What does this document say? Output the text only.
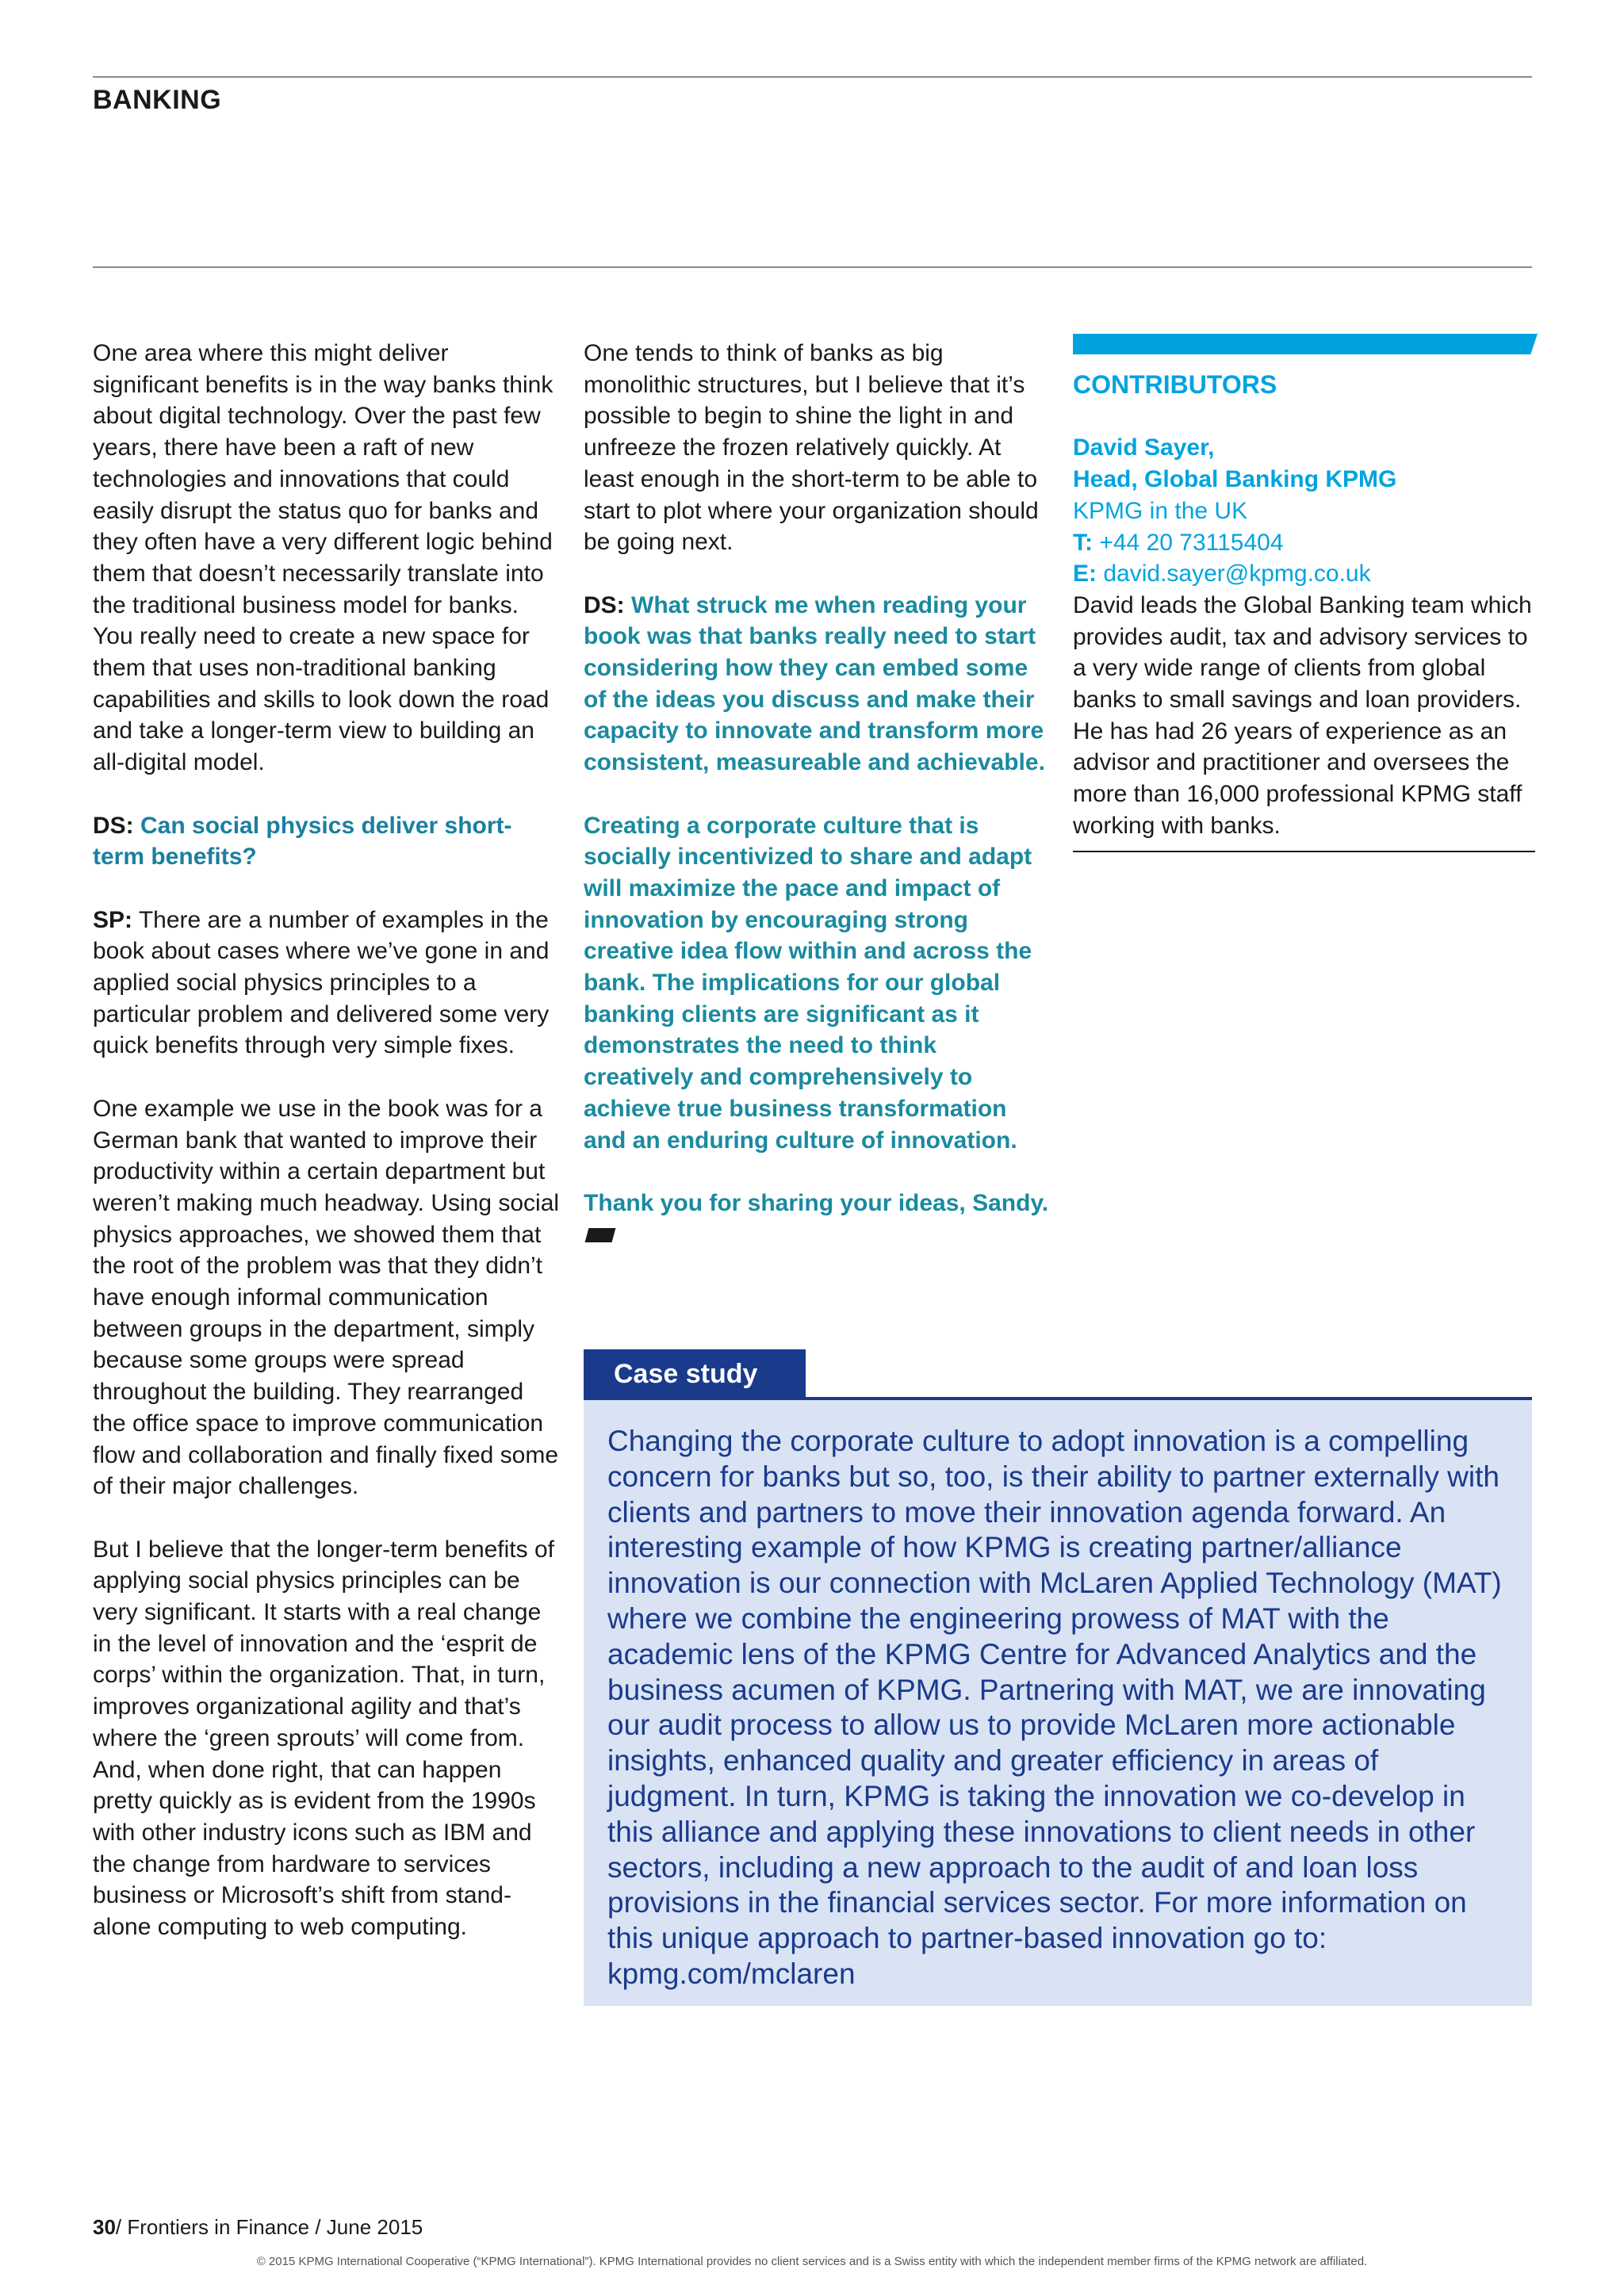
BANKING

One area where this might deliver significant benefits is in the way banks think about digital technology. Over the past few years, there have been a raft of new technologies and innovations that could easily disrupt the status quo for banks and they often have a very different logic behind them that doesn’t necessarily translate into the traditional business model for banks. You really need to create a new space for them that uses non-traditional banking capabilities and skills to look down the road and take a longer-term view to building an all-digital model.

DS: Can social physics deliver short-term benefits?

SP: There are a number of examples in the book about cases where we’ve gone in and applied social physics principles to a particular problem and delivered some very quick benefits through very simple fixes.

One example we use in the book was for a German bank that wanted to improve their productivity within a certain department but weren’t making much headway. Using social physics approaches, we showed them that the root of the problem was that they didn’t have enough informal communication between groups in the department, simply because some groups were spread throughout the building. They rearranged the office space to improve communication flow and collaboration and finally fixed some of their major challenges.

But I believe that the longer-term benefits of applying social physics principles can be very significant. It starts with a real change in the level of innovation and the ‘esprit de corps’ within the organization. That, in turn, improves organizational agility and that’s where the ‘green sprouts’ will come from. And, when done right, that can happen pretty quickly as is evident from the 1990s with other industry icons such as IBM and the change from hardware to services business or Microsoft’s shift from stand-alone computing to web computing.

One tends to think of banks as big monolithic structures, but I believe that it’s possible to begin to shine the light in and unfreeze the frozen relatively quickly. At least enough in the short-term to be able to start to plot where your organization should be going next.

DS: What struck me when reading your book was that banks really need to start considering how they can embed some of the ideas you discuss and make their capacity to innovate and transform more consistent, measureable and achievable.

Creating a corporate culture that is socially incentivized to share and adapt will maximize the pace and impact of innovation by encouraging strong creative idea flow within and across the bank. The implications for our global banking clients are significant as it demonstrates the need to think creatively and comprehensively to achieve true business transformation and an enduring culture of innovation.

Thank you for sharing your ideas, Sandy.

CONTRIBUTORS

David Sayer,

Head, Global Banking KPMG

KPMG in the UK

T: +44 20 73115404

E: david.sayer@kpmg.co.uk

David leads the Global Banking team which provides audit, tax and advisory services to a very wide range of clients from global banks to small savings and loan providers. He has had 26 years of experience as an advisor and practitioner and oversees the more than 16,000 professional KPMG staff working with banks.

Case study

Changing the corporate culture to adopt innovation is a compelling concern for banks but so, too, is their ability to partner externally with clients and partners to move their innovation agenda forward. An interesting example of how KPMG is creating partner/alliance innovation is our connection with McLaren Applied Technology (MAT) where we combine the engineering prowess of MAT with the academic lens of the KPMG Centre for Advanced Analytics and the business acumen of KPMG. Partnering with MAT, we are innovating our audit process to allow us to provide McLaren more actionable insights, enhanced quality and greater efficiency in areas of judgment. In turn, KPMG is taking the innovation we co-develop in this alliance and applying these innovations to client needs in other sectors, including a new approach to the audit of and loan loss provisions in the financial services sector. For more information on this unique approach to partner-based innovation go to: kpmg.com/mclaren

30/ Frontiers in Finance / June 2015
© 2015 KPMG International Cooperative (“KPMG International”). KPMG International provides no client services and is a Swiss entity with which the independent member firms of the KPMG network are affiliated.
